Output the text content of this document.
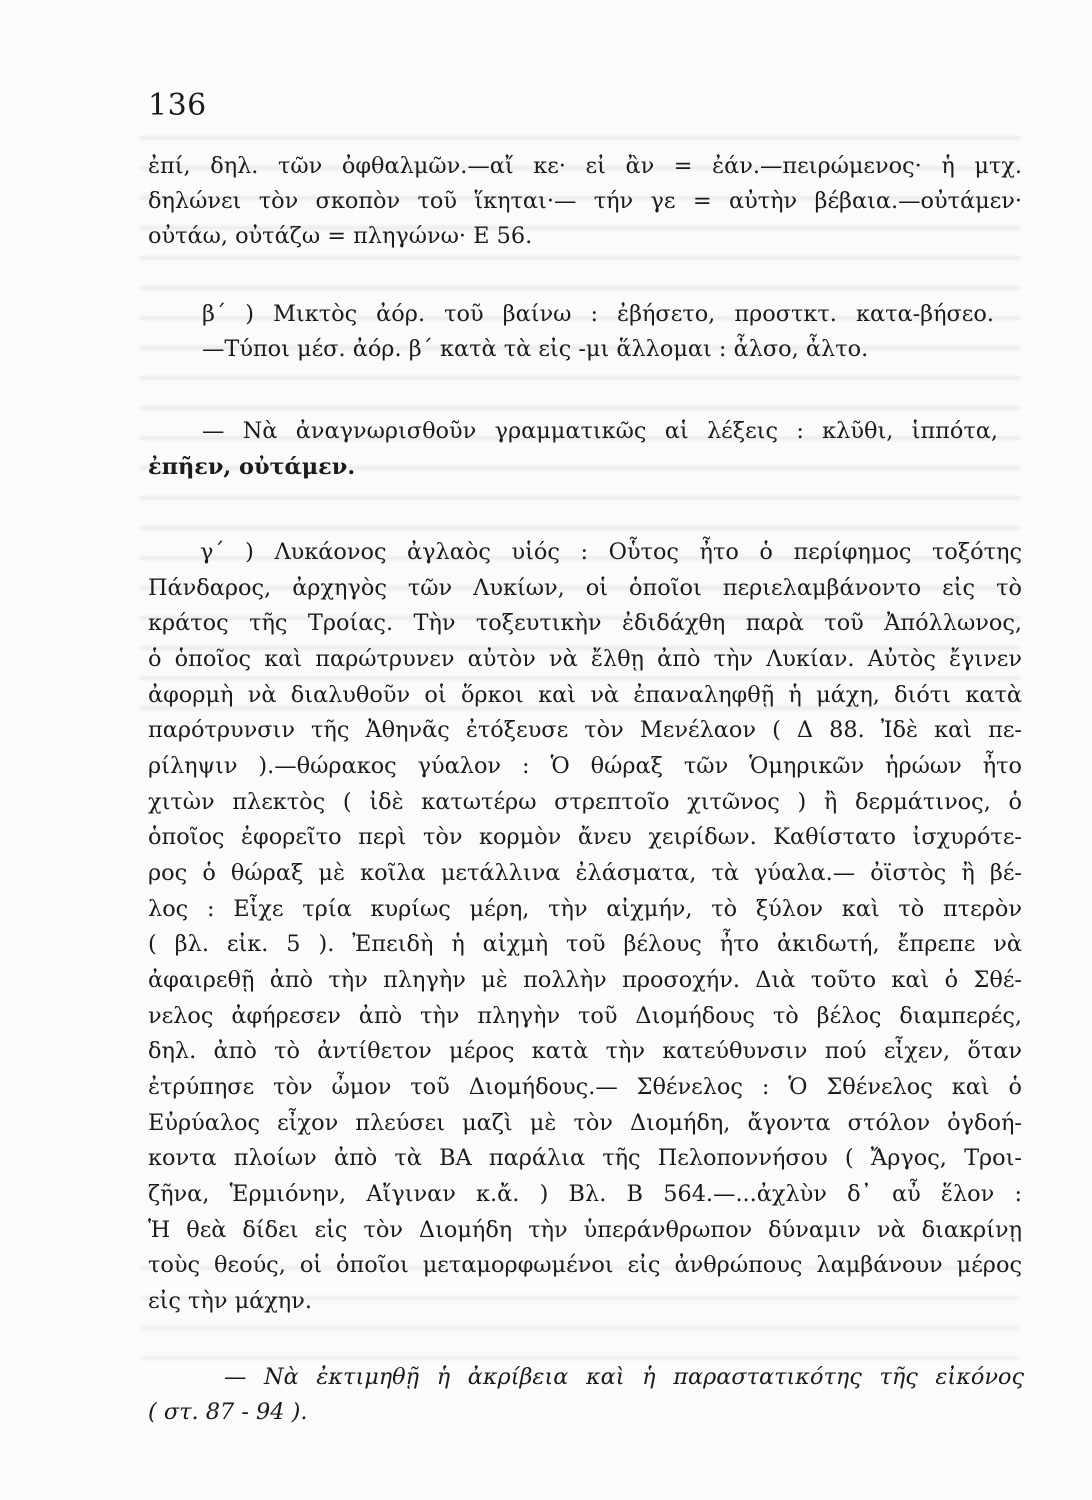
136
ἐπί, δηλ. τῶν ὀφθαλμῶν.—αἴ κε· εἰ ἂν = ἐάν.—πειρώμενος· ἡ μτχ.
δηλώνει τὸν σκοπὸν τοῦ ἵκηται·— τήν γε = αὐτὴν βέβαια.—οὐτάμεν·
οὐτάω, οὐτάζω = πληγώνω· Ε 56.
β΄ ) Μικτὸς ἀόρ. τοῦ βαίνω : ἐβήσετο, προστκτ. κατα-βήσεο.
—Τύποι μέσ. ἀόρ. β΄ κατὰ τὰ εἰς -μι ἅλλομαι : ἆλσο, ἆλτο.
— Νὰ ἀναγνωρισθοῦν γραμματικῶς αἱ λέξεις : κλῦθι, ἱππότα,
ἐπῆεν, οὐτάμεν.
γ΄ ) Λυκάονος ἀγλαὸς υἱός : Οὗτος ἦτο ὁ περίφημος τοξότης
Πάνδαρος, ἀρχηγὸς τῶν Λυκίων, οἱ ὁποῖοι περιελαμβάνοντο εἰς τὸ
κράτος τῆς Τροίας. Τὴν τοξευτικὴν ἐδιδάχθη παρὰ τοῦ Ἀπόλλωνος,
ὁ ὁποῖος καὶ παρώτρυνεν αὐτὸν νὰ ἔλθῃ ἀπὸ τὴν Λυκίαν. Αὐτὸς ἔγινεν
ἀφορμὴ νὰ διαλυθοῦν οἱ ὅρκοι καὶ νὰ ἐπαναληφθῇ ἡ μάχη, διότι κατὰ
παρότρυνσιν τῆς Ἀθηνᾶς ἐτόξευσε τὸν Μενέλαον ( Δ 88. Ἰδὲ καὶ πε-
ρίληψιν ).—θώρακος γύαλον : Ὁ θώραξ τῶν Ὁμηρικῶν ἡρώων ἦτο
χιτὼν πλεκτὸς ( ἰδὲ κατωτέρω στρεπτοῖο χιτῶνος ) ἢ δερμάτινος, ὁ
ὁποῖος ἐφορεῖτο περὶ τὸν κορμὸν ἄνευ χειρίδων. Καθίστατο ἰσχυρότε-
ρος ὁ θώραξ μὲ κοῖλα μετάλλινα ἐλάσματα, τὰ γύαλα.— ὀϊστὸς ἢ βέ-
λος : Εἶχε τρία κυρίως μέρη, τὴν αἰχμήν, τὸ ξύλον καὶ τὸ πτερὸν
( βλ. εἰκ. 5 ). Ἐπειδὴ ἡ αἰχμὴ τοῦ βέλους ἦτο ἀκιδωτή, ἔπρεπε νὰ
ἀφαιρεθῇ ἀπὸ τὴν πληγὴν μὲ πολλὴν προσοχήν. Διὰ τοῦτο καὶ ὁ Σθέ-
νελος ἀφήρεσεν ἀπὸ τὴν πληγὴν τοῦ Διομήδους τὸ βέλος διαμπερές,
δηλ. ἀπὸ τὸ ἀντίθετον μέρος κατὰ τὴν κατεύθυνσιν πού εἶχεν, ὅταν
ἐτρύπησε τὸν ὦμον τοῦ Διομήδους.— Σθένελος : Ὁ Σθένελος καὶ ὁ
Εὐρύαλος εἶχον πλεύσει μαζὶ μὲ τὸν Διομήδη, ἄγοντα στόλον ὀγδοή-
κοντα πλοίων ἀπὸ τὰ ΒΑ παράλια τῆς Πελοποννήσου ( Ἄργος, Τροι-
ζῆνα, Ἑρμιόνην, Αἴγιναν κ.ἄ. ) Βλ. Β 564.—...ἀχλὺν δ᾽ αὖ ἕλον :
Ἡ θεὰ δίδει εἰς τὸν Διομήδη τὴν ὑπεράνθρωπον δύναμιν νὰ διακρίνῃ
τοὺς θεούς, οἱ ὁποῖοι μεταμορφωμένοι εἰς ἀνθρώπους λαμβάνουν μέρος
εἰς τὴν μάχην.
— Νὰ ἐκτιμηθῇ ἡ ἀκρίβεια καὶ ἡ παραστατικότης τῆς εἰκόνος
( στ. 87 - 94 ).
